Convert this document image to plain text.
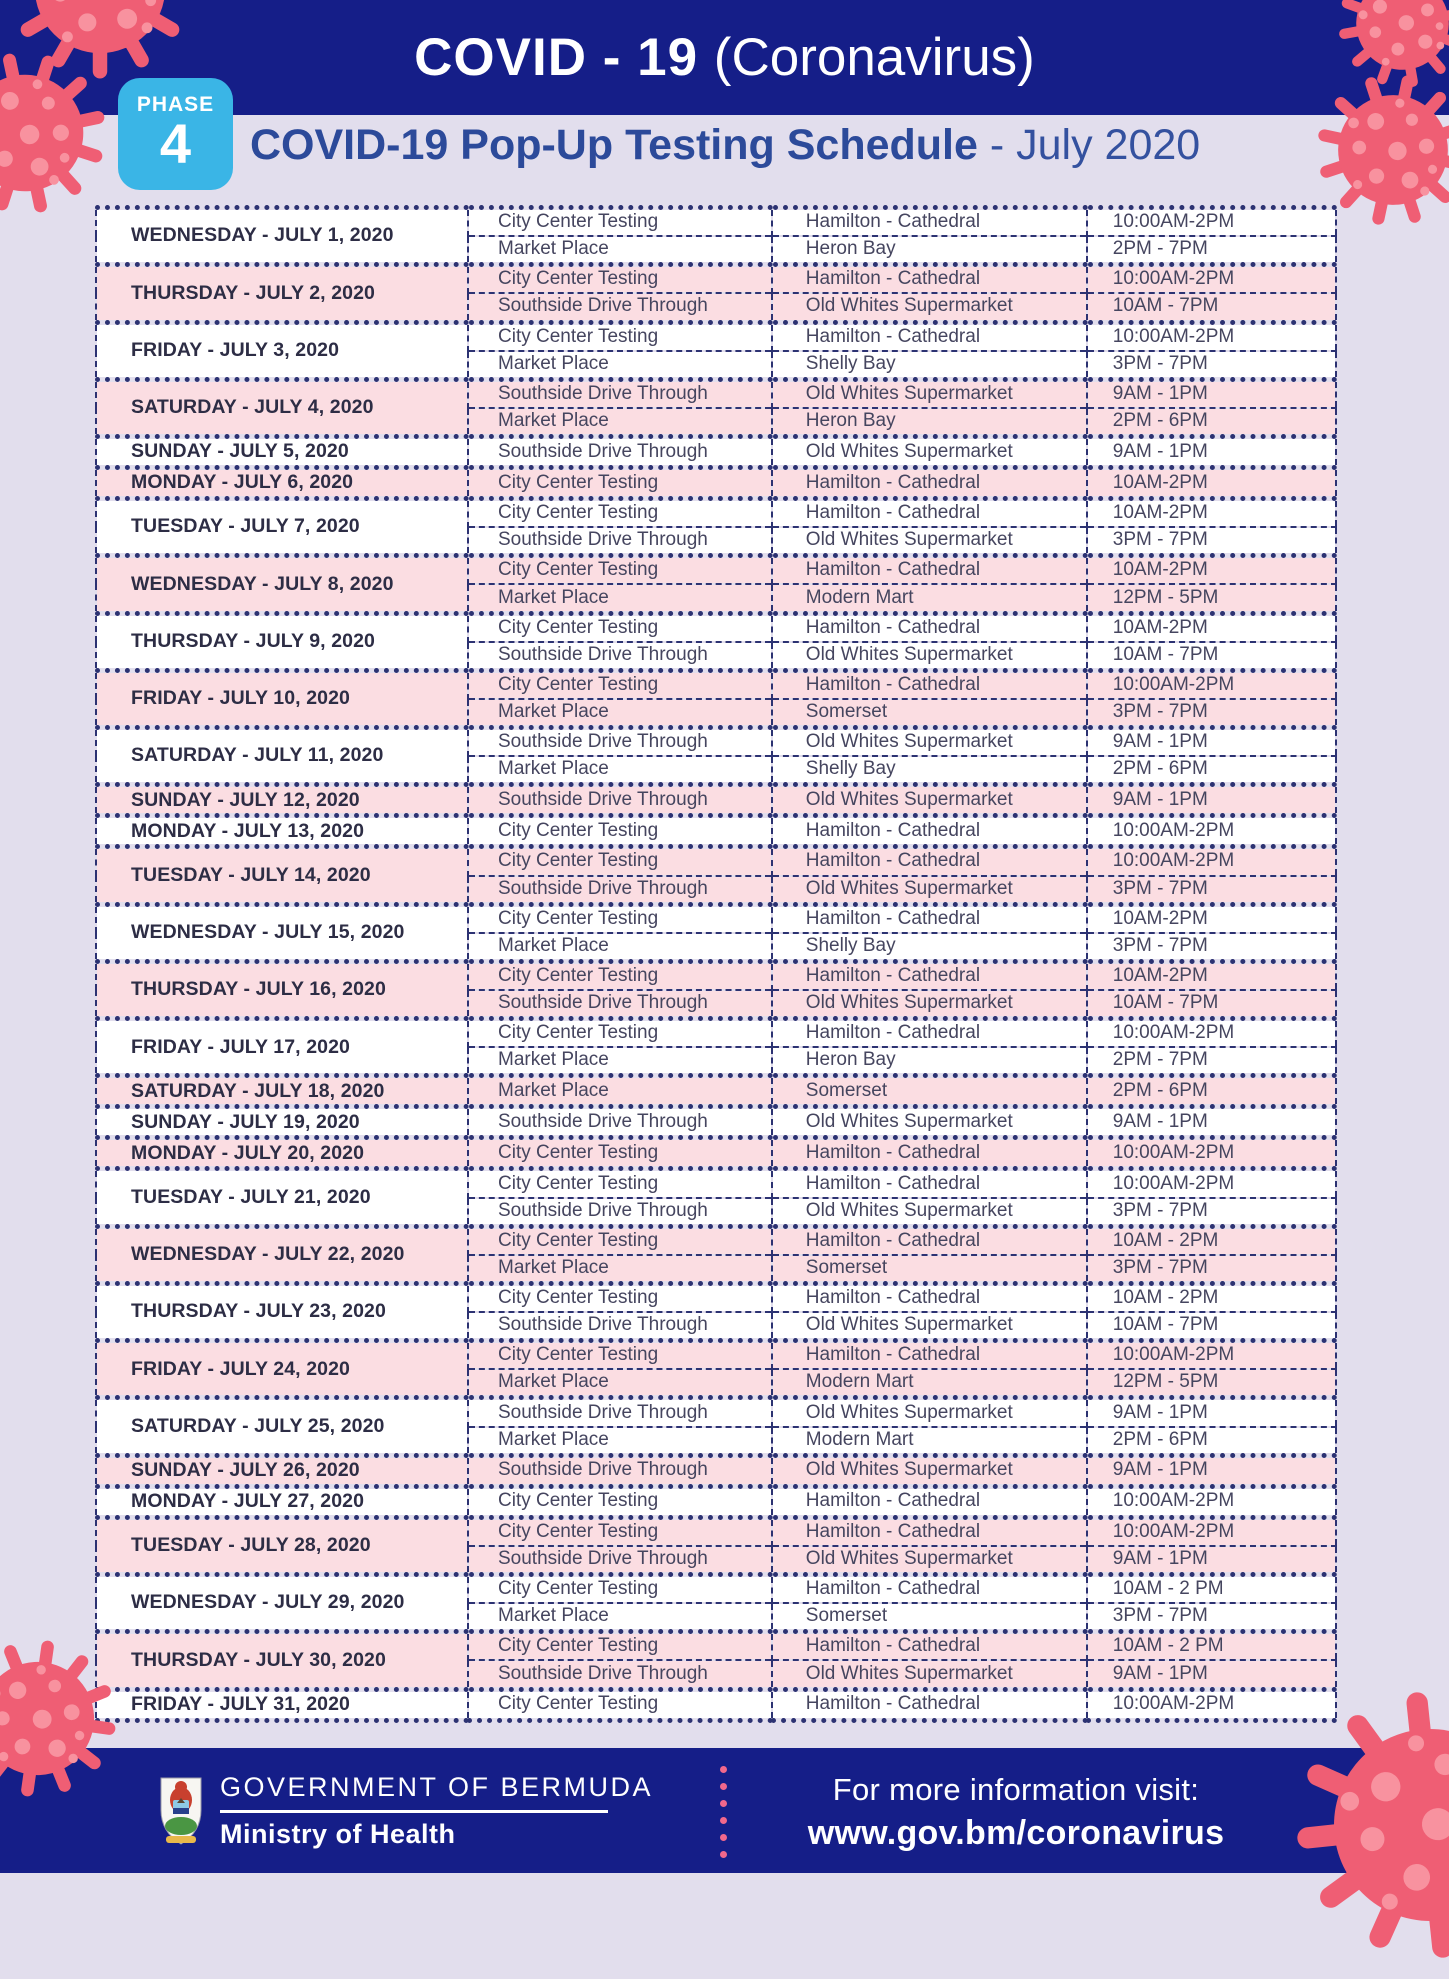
COVID - 19 (Coronavirus)
PHASE
4 COVID-19 Pop-Up Testing Schedule - July 2020
WEDNESDAY - JULY 1, 2020	City Center Testing	Hamilton - Cathedral	10:00AM-2PM
	Market Place	Heron Bay	2PM - 7PM
THURSDAY - JULY 2, 2020	City Center Testing	Hamilton - Cathedral	10:00AM-2PM
	Southside Drive Through	Old Whites Supermarket	10AM - 7PM
FRIDAY - JULY 3, 2020	City Center Testing	Hamilton - Cathedral	10:00AM-2PM
	Market Place	Shelly Bay	3PM - 7PM
SATURDAY - JULY 4, 2020	Southside Drive Through	Old Whites Supermarket	9AM - 1PM
	Market Place	Heron Bay	2PM - 6PM
SUNDAY - JULY 5, 2020	Southside Drive Through	Old Whites Supermarket	9AM - 1PM
MONDAY - JULY 6, 2020	City Center Testing	Hamilton - Cathedral	10AM-2PM
TUESDAY - JULY 7, 2020	City Center Testing	Hamilton - Cathedral	10AM-2PM
	Southside Drive Through	Old Whites Supermarket	3PM - 7PM
WEDNESDAY - JULY 8, 2020	City Center Testing	Hamilton - Cathedral	10AM-2PM
	Market Place	Modern Mart	12PM - 5PM
THURSDAY - JULY 9, 2020	City Center Testing	Hamilton - Cathedral	10AM-2PM
	Southside Drive Through	Old Whites Supermarket	10AM - 7PM
FRIDAY - JULY 10, 2020	City Center Testing	Hamilton - Cathedral	10:00AM-2PM
	Market Place	Somerset	3PM - 7PM
SATURDAY - JULY 11, 2020	Southside Drive Through	Old Whites Supermarket	9AM - 1PM
	Market Place	Shelly Bay	2PM - 6PM
SUNDAY - JULY 12, 2020	Southside Drive Through	Old Whites Supermarket	9AM - 1PM
MONDAY - JULY 13, 2020	City Center Testing	Hamilton - Cathedral	10:00AM-2PM
TUESDAY - JULY 14, 2020	City Center Testing	Hamilton - Cathedral	10:00AM-2PM
	Southside Drive Through	Old Whites Supermarket	3PM - 7PM
WEDNESDAY - JULY 15, 2020	City Center Testing	Hamilton - Cathedral	10AM-2PM
	Market Place	Shelly Bay	3PM - 7PM
THURSDAY - JULY 16, 2020	City Center Testing	Hamilton - Cathedral	10AM-2PM
	Southside Drive Through	Old Whites Supermarket	10AM - 7PM
FRIDAY - JULY 17, 2020	City Center Testing	Hamilton - Cathedral	10:00AM-2PM
	Market Place	Heron Bay	2PM - 7PM
SATURDAY - JULY 18, 2020	Market Place	Somerset	2PM - 6PM
SUNDAY - JULY 19, 2020	Southside Drive Through	Old Whites Supermarket	9AM - 1PM
MONDAY - JULY 20, 2020	City Center Testing	Hamilton - Cathedral	10:00AM-2PM
TUESDAY - JULY 21, 2020	City Center Testing	Hamilton - Cathedral	10:00AM-2PM
	Southside Drive Through	Old Whites Supermarket	3PM - 7PM
WEDNESDAY - JULY 22, 2020	City Center Testing	Hamilton - Cathedral	10AM - 2PM
	Market Place	Somerset	3PM - 7PM
THURSDAY - JULY 23, 2020	City Center Testing	Hamilton - Cathedral	10AM - 2PM
	Southside Drive Through	Old Whites Supermarket	10AM - 7PM
FRIDAY - JULY 24, 2020	City Center Testing	Hamilton - Cathedral	10:00AM-2PM
	Market Place	Modern Mart	12PM - 5PM
SATURDAY - JULY 25, 2020	Southside Drive Through	Old Whites Supermarket	9AM - 1PM
	Market Place	Modern Mart	2PM - 6PM
SUNDAY - JULY 26, 2020	Southside Drive Through	Old Whites Supermarket	9AM - 1PM
MONDAY - JULY 27, 2020	City Center Testing	Hamilton - Cathedral	10:00AM-2PM
TUESDAY - JULY 28, 2020	City Center Testing	Hamilton - Cathedral	10:00AM-2PM
	Southside Drive Through	Old Whites Supermarket	9AM - 1PM
WEDNESDAY - JULY 29, 2020	City Center Testing	Hamilton - Cathedral	10AM - 2 PM
	Market Place	Somerset	3PM - 7PM
THURSDAY - JULY 30, 2020	City Center Testing	Hamilton - Cathedral	10AM - 2 PM
	Southside Drive Through	Old Whites Supermarket	9AM - 1PM
FRIDAY - JULY 31, 2020	City Center Testing	Hamilton - Cathedral	10:00AM-2PM
GOVERNMENT OF BERMUDA
Ministry of Health
For more information visit:
www.gov.bm/coronavirus
